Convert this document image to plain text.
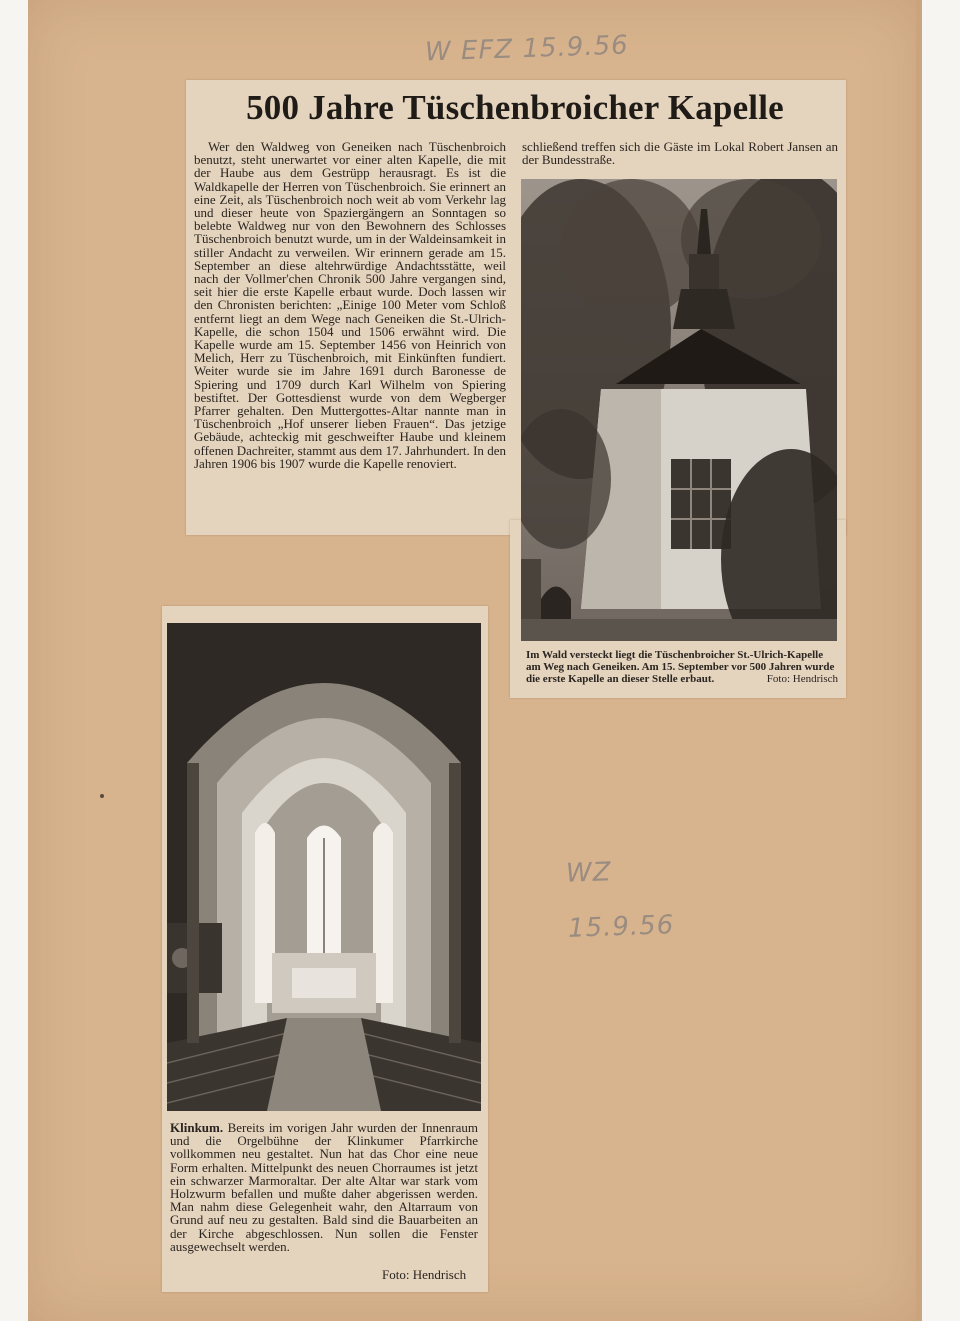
W EFZ 15.9.56
WZ
15.9.56
500 Jahre Tüschenbroicher Kapelle

Wer den Waldweg von Geneiken nach Tüschenbroich benutzt, steht unerwartet vor einer alten Kapelle, die mit der Haube aus dem Gestrüpp herausragt. Es ist die Waldkapelle der Herren von Tüschenbroich. Sie erinnert an eine Zeit, als Tüschenbroich noch weit ab vom Verkehr lag und dieser heute von Spaziergängern an Sonntagen so belebte Waldweg nur von den Bewohnern des Schlosses Tüschenbroich benutzt wurde, um in der Waldeinsamkeit in stiller Andacht zu verweilen. Wir erinnern gerade am 15. September an diese altehrwürdige Andachtsstätte, weil nach der Vollmer'chen Chronik 500 Jahre vergangen sind, seit hier die erste Kapelle erbaut wurde. Doch lassen wir den Chronisten berichten: „Einige 100 Meter vom Schloß entfernt liegt an dem Wege nach Geneiken die St.-Ulrich-Kapelle, die schon 1504 und 1506 erwähnt wird. Die Kapelle wurde am 15. September 1456 von Heinrich von Melich, Herr zu Tüschenbroich, mit Einkünften fundiert. Weiter wurde sie im Jahre 1691 durch Baronesse de Spiering und 1709 durch Karl Wilhelm von Spiering bestiftet. Der Gottesdienst wurde von dem Wegberger Pfarrer gehalten. Den Muttergottes-Altar nannte man in Tüschenbroich „Hof unserer lieben Frauen“. Das jetzige Gebäude, achteckig mit geschweifter Haube und kleinem offenen Dachreiter, stammt aus dem 17. Jahrhundert. In den Jahren 1906 bis 1907 wurde die Kapelle renoviert.

schließend treffen sich die Gäste im Lokal Robert Jansen an der Bundesstraße.

Im Wald versteckt liegt die Tüschenbroicher St.-Ulrich-Kapelle am Weg nach Geneiken. Am 15. September vor 500 Jahren wurde die erste Kapelle an dieser Stelle erbaut.	Foto: Hendrisch

Klinkum. Bereits im vorigen Jahr wurden der Innenraum und die Orgelbühne der Klinkumer Pfarrkirche vollkommen neu gestaltet. Nun hat das Chor eine neue Form erhalten. Mittelpunkt des neuen Chorraumes ist jetzt ein schwarzer Marmoraltar. Der alte Altar war stark vom Holzwurm befallen und mußte daher abgerissen werden. Man nahm diese Gelegenheit wahr, den Altarraum von Grund auf neu zu gestalten. Bald sind die Bauarbeiten an der Kirche abgeschlossen. Nun sollen die Fenster ausgewechselt werden.

Foto: Hendrisch
